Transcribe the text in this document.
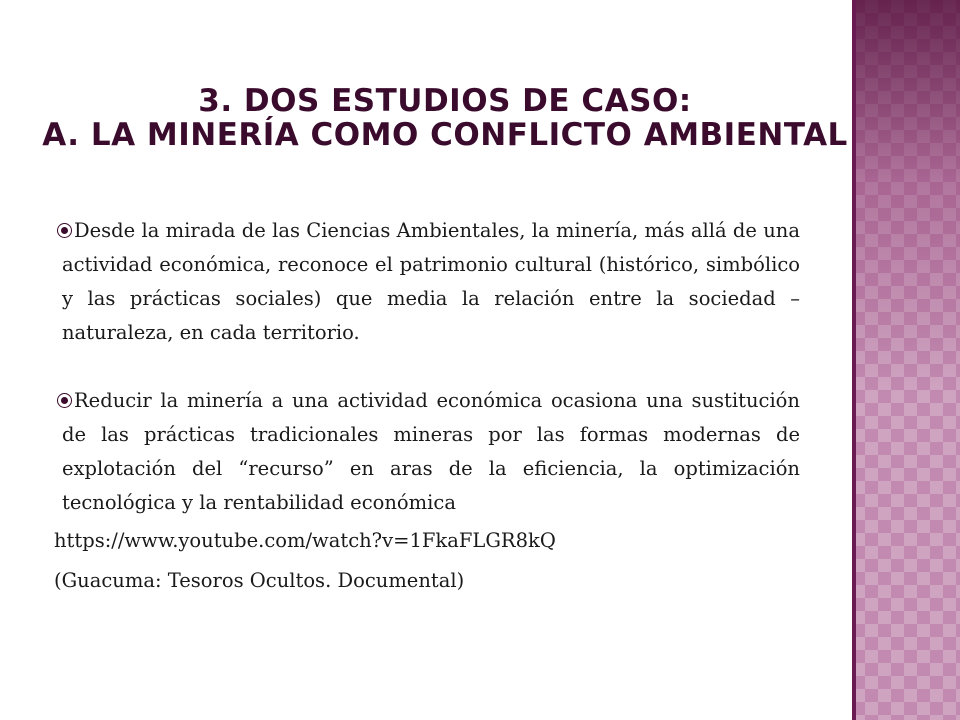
3. DOS ESTUDIOS DE CASO:
A. LA MINERÍA COMO CONFLICTO AMBIENTAL

Desde la mirada de las Ciencias Ambientales, la minería, más allá de una actividad económica, reconoce el patrimonio cultural (histórico, simbólico y las prácticas sociales) que media la relación entre la sociedad – naturaleza, en cada territorio.

Reducir la minería a una actividad económica ocasiona una sustitución de las prácticas tradicionales mineras por las formas modernas de explotación del “recurso” en aras de la eficiencia, la optimización tecnológica y la rentabilidad económica

https://www.youtube.com/watch?v=1FkaFLGR8kQ
(Guacuma: Tesoros Ocultos. Documental)
